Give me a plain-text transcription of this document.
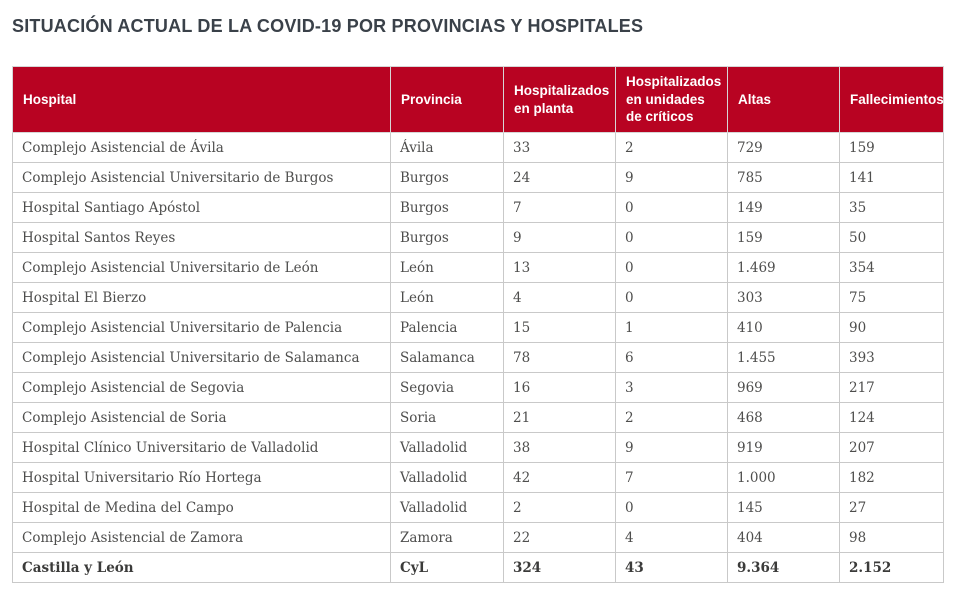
SITUACIÓN ACTUAL DE LA COVID-19 POR PROVINCIAS Y HOSPITALES
Hospital	Provincia	Hospitalizados en planta	Hospitalizados en unidades de críticos	Altas	Fallecimientos
Complejo Asistencial de Ávila	Ávila	33	2	729	159
Complejo Asistencial Universitario de Burgos	Burgos	24	9	785	141
Hospital Santiago Apóstol	Burgos	7	0	149	35
Hospital Santos Reyes	Burgos	9	0	159	50
Complejo Asistencial Universitario de León	León	13	0	1.469	354
Hospital El Bierzo	León	4	0	303	75
Complejo Asistencial Universitario de Palencia	Palencia	15	1	410	90
Complejo Asistencial Universitario de Salamanca	Salamanca	78	6	1.455	393
Complejo Asistencial de Segovia	Segovia	16	3	969	217
Complejo Asistencial de Soria	Soria	21	2	468	124
Hospital Clínico Universitario de Valladolid	Valladolid	38	9	919	207
Hospital Universitario Río Hortega	Valladolid	42	7	1.000	182
Hospital de Medina del Campo	Valladolid	2	0	145	27
Complejo Asistencial de Zamora	Zamora	22	4	404	98
Castilla y León	CyL	324	43	9.364	2.152
